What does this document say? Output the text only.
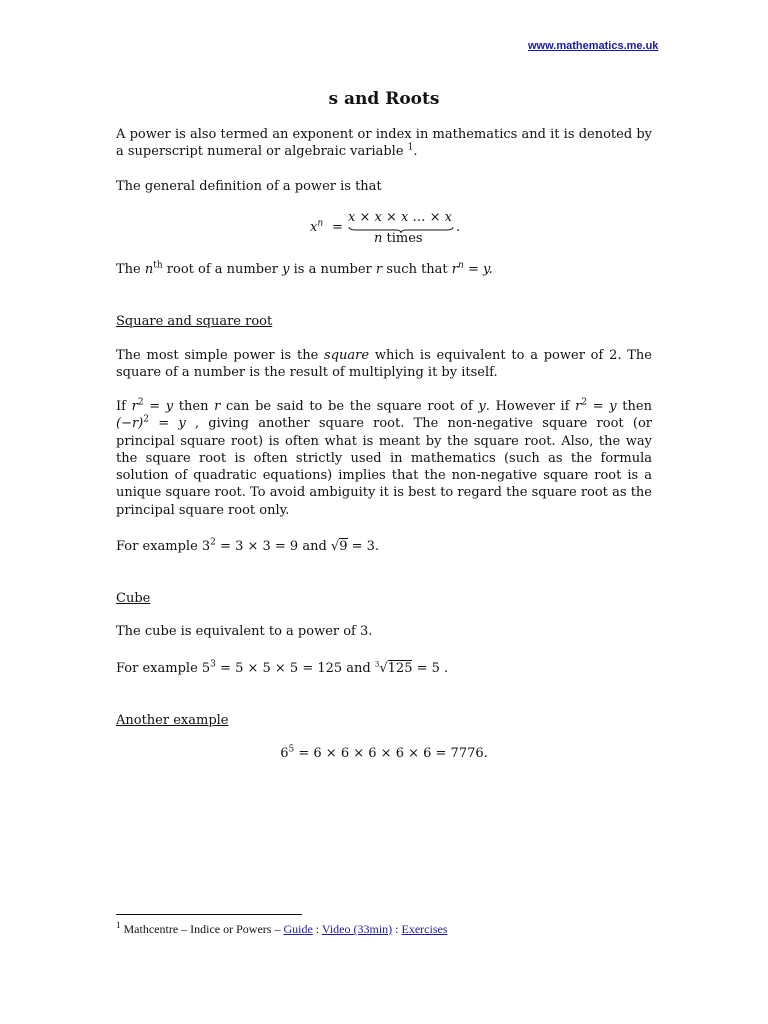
www.mathematics.me.uk
s and Roots
A power is also termed an exponent or index in mathematics and it is denoted by a superscript numeral or algebraic variable $^1$.
The general definition of a power is that
$x^n$ =
x × x × x … × x
n times
.
The $n^{th}$ root of a number y is a number r such that $r^n = y$.
Square and square root
The most simple power is the square which is equivalent to a power of 2. The square of a number is the result of multiplying it by itself.
If $r^2 = y$ then r can be said to be the square root of y. However if $r^2 = y$ then $(-r)^2 = y$ , giving another square root. The non-negative square root (or principal square root) is often what is meant by the square root. Also, the way the square root is often strictly used in mathematics (such as the formula solution of quadratic equations) implies that the non-negative square root is a unique square root. To avoid ambiguity it is best to regard the square root as the principal square root only.
For example $3^2 = 3 \times 3 = 9$ and √9 = 3.
Cube
The cube is equivalent to a power of 3.
For example $5^3 = 5 \times 5 \times 5 = 125$ and $^3$√125 = 5 .
Another example
$6^5 = 6 \times 6 \times 6 \times 6 \times 6 = 7776$.
$^1$ Mathcentre – Indice or Powers – Guide : Video (33min) : Exercises
